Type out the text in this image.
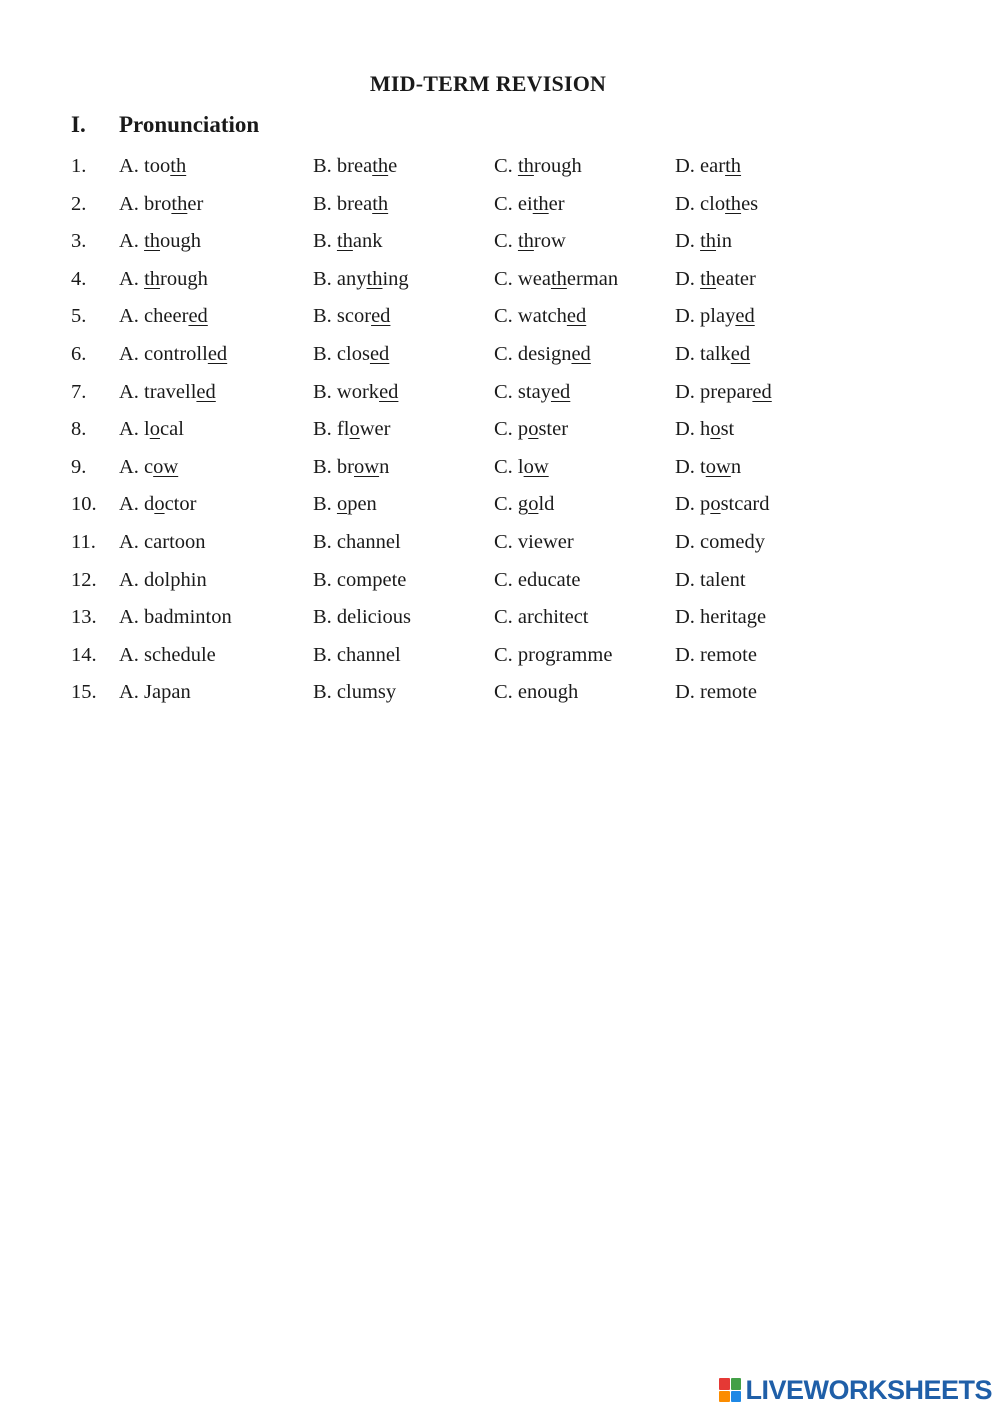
MID-TERM REVISION
I. Pronunciation
1. A. tooth	B. breathe	C. through	D. earth
2. A. brother	B. breath	C. either	D. clothes
3. A. though	B. thank	C. throw	D. thin
4. A. through	B. anything	C. weatherman	D. theater
5. A. cheered	B. scored	C. watched	D. played
6. A. controlled	B. closed	C. designed	D. talked
7. A. travelled	B. worked	C. stayed	D. prepared
8. A. local	B. flower	C. poster	D. host
9. A. cow	B. brown	C. low	D. town
10. A. doctor	B. open	C. gold	D. postcard
11. A. cartoon	B. channel	C. viewer	D. comedy
12. A. dolphin	B. compete	C. educate	D. talent
13. A. badminton	B. delicious	C. architect	D. heritage
14. A. schedule	B. channel	C. programme	D. remote
15. A. Japan	B. clumsy	C. enough	D. remote
LIVEWORKSHEETS
